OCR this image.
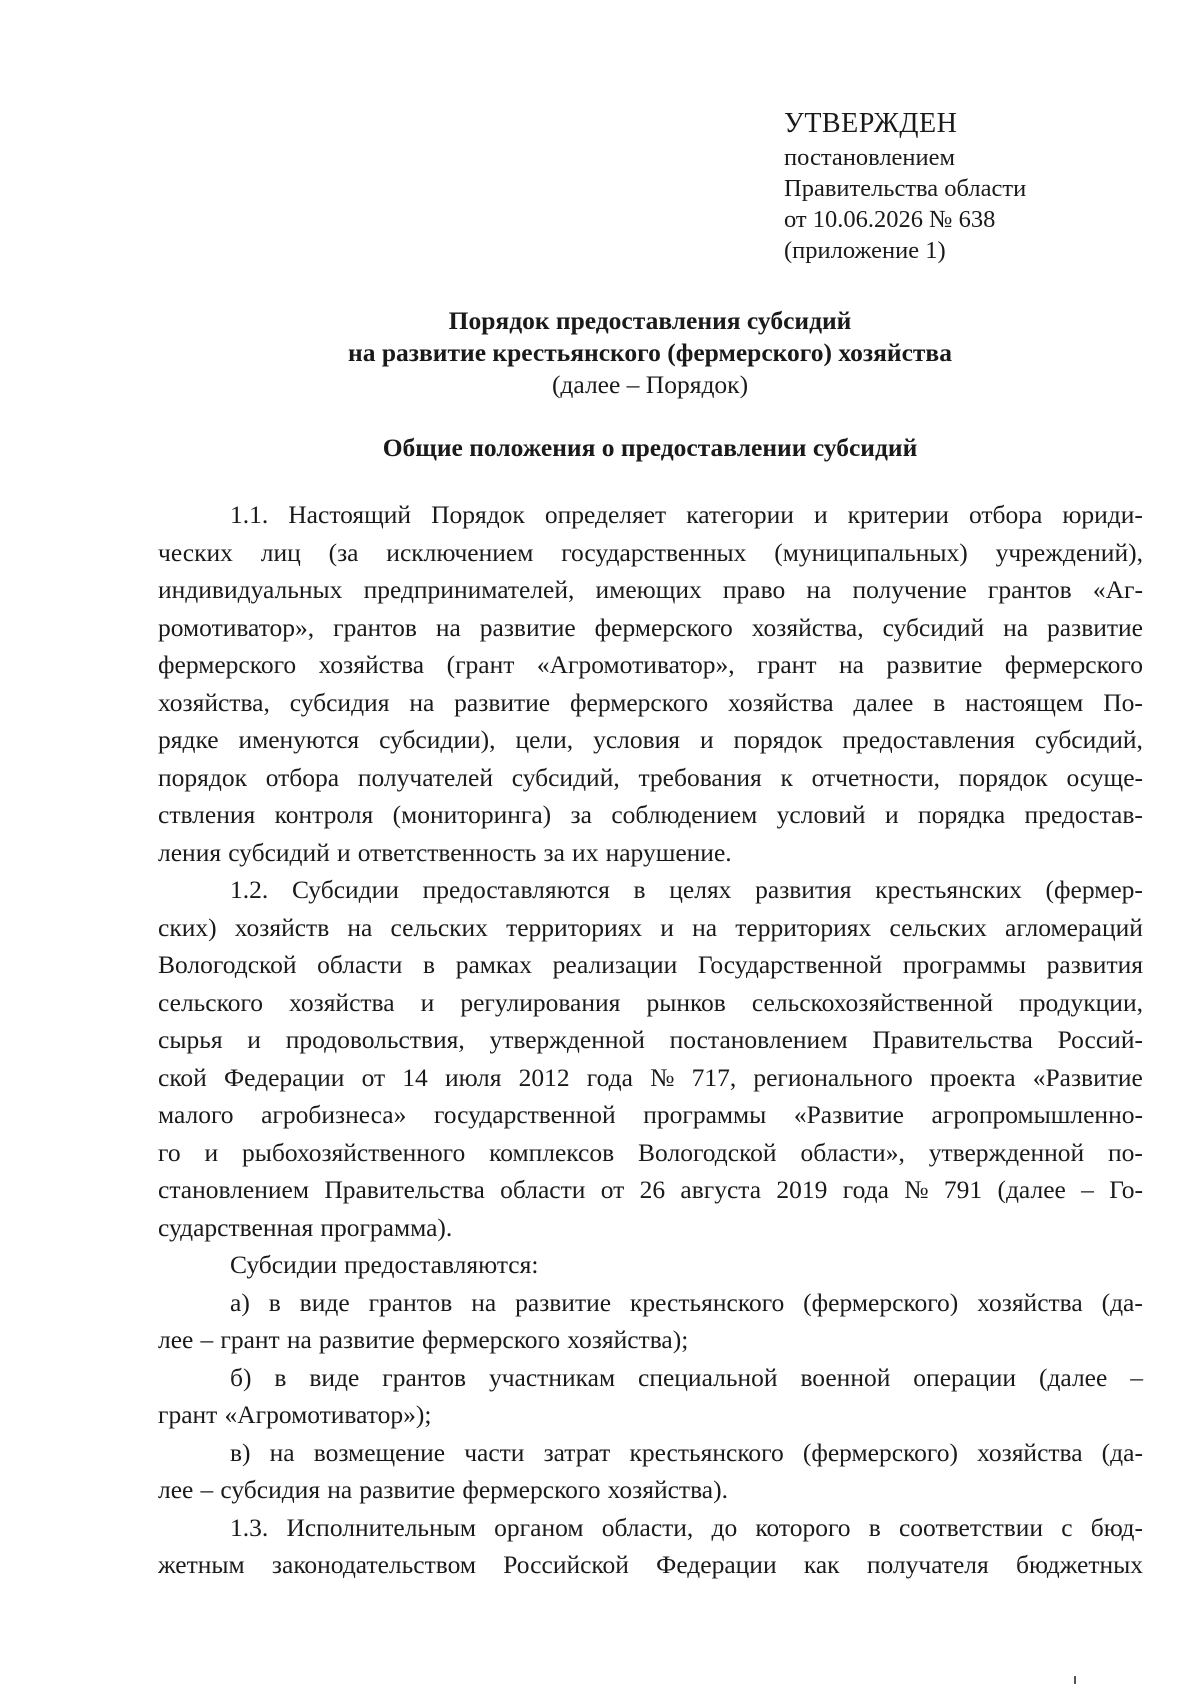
УТВЕРЖДЕН
постановлением
Правительства области
от 10.06.2026 № 638
(приложение 1)
Порядок предоставления субсидий
на развитие крестьянского (фермерского) хозяйства
(далее – Порядок)
Общие положения о предоставлении субсидий
1.1. Настоящий Порядок определяет категории и критерии отбора юриди-
ческих лиц (за исключением государственных (муниципальных) учреждений),
индивидуальных предпринимателей, имеющих право на получение грантов «Аг-
ромотиватор», грантов на развитие фермерского хозяйства, субсидий на развитие
фермерского хозяйства (грант «Агромотиватор», грант на развитие фермерского
хозяйства, субсидия на развитие фермерского хозяйства далее в настоящем По-
рядке именуются субсидии), цели, условия и порядок предоставления субсидий,
порядок отбора получателей субсидий, требования к отчетности, порядок осуще-
ствления контроля (мониторинга) за соблюдением условий и порядка предостав-
ления субсидий и ответственность за их нарушение.
1.2. Субсидии предоставляются в целях развития крестьянских (фермер-
ских) хозяйств на сельских территориях и на территориях сельских агломераций
Вологодской области в рамках реализации Государственной программы развития
сельского хозяйства и регулирования рынков сельскохозяйственной продукции,
сырья и продовольствия, утвержденной постановлением Правительства Россий-
ской Федерации от 14 июля 2012 года № 717, регионального проекта «Развитие
малого агробизнеса» государственной программы «Развитие агропромышленно-
го и рыбохозяйственного комплексов Вологодской области», утвержденной по-
становлением Правительства области от 26 августа 2019 года № 791 (далее – Го-
сударственная программа).
Субсидии предоставляются:
а) в виде грантов на развитие крестьянского (фермерского) хозяйства (да-
лее – грант на развитие фермерского хозяйства);
б) в виде грантов участникам специальной военной операции (далее –
грант «Агромотиватор»);
в) на возмещение части затрат крестьянского (фермерского) хозяйства (да-
лее – субсидия на развитие фермерского хозяйства).
1.3. Исполнительным органом области, до которого в соответствии с бюд-
жетным законодательством Российской Федерации как получателя бюджетных
